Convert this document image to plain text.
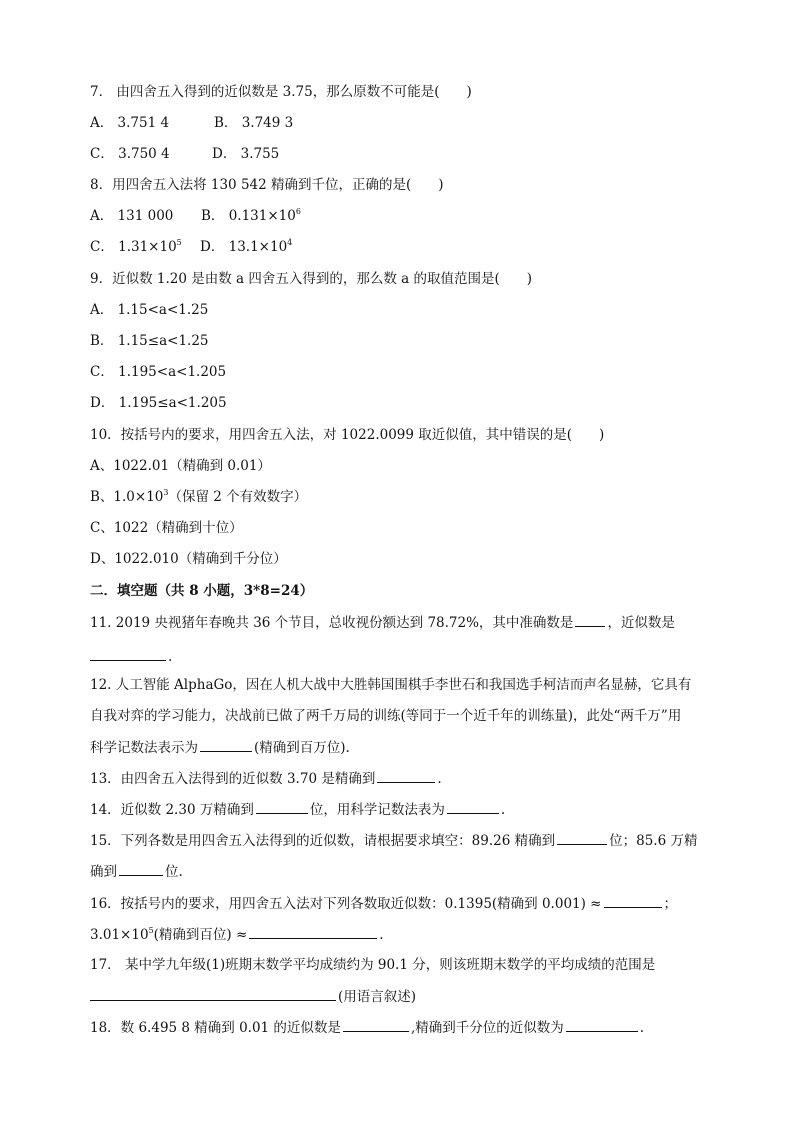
7． 由四舍五入得到的近似数是 3.75，那么原数不可能是(　　)
A． 3.751 4	B． 3.749 3
C． 3.750 4	D． 3.755
8．用四舍五入法将 130 542 精确到千位，正确的是(　　)
A． 131 000 B． $0.131\times 10^6$
C． $1.31\times 10^5$ D． $13.1\times 10^4$
9．近似数 1.20 是由数 a 四舍五入得到的，那么数 a 的取值范围是(　　)
A． 1.15<a<1.25
B． 1.15≤a<1.25
C． 1.195<a<1.205
D． 1.195≤a<1.205
10．按括号内的要求，用四舍五入法，对 1022.0099 取近似值，其中错误的是(　　)
A、1022.01（精确到 0.01）
B、$1.0\times 10^3$（保留 2 个有效数字）
C、1022（精确到十位）
D、1022.010（精确到千分位）
二．填空题（共 8 小题，3*8=24）
11. 2019 央视猪年春晚共 36 个节目，总收视份额达到 78.72%，其中准确数是	，近似数是
.
12. 人工智能 AlphaGo，因在人机大战中大胜韩国围棋手李世石和我国选手柯洁而声名显赫，它具有
自我对弈的学习能力，决战前已做了两千万局的训练(等同于一个近千年的训练量)，此处“两千万”用
科学记数法表示为	(精确到百万位).
13．由四舍五入法得到的近似数 3.70 是精确到	.
14．近似数 2.30 万精确到	位，用科学记数法表为	.
15．下列各数是用四舍五入法得到的近似数，请根据要求填空：89.26 精确到	位；85.6 万精
确到	位.
16．按括号内的要求，用四舍五入法对下列各数取近似数：0.1395(精确到 0.001) ≈	；
$3.01\times 10^5$(精确到百位) ≈	.
17． 某中学九年级(1)班期末数学平均成绩约为 90.1 分，则该班期末数学的平均成绩的范围是
(用语言叙述)
18．数 6.495 8 精确到 0.01 的近似数是	,精确到千分位的近似数为	.
